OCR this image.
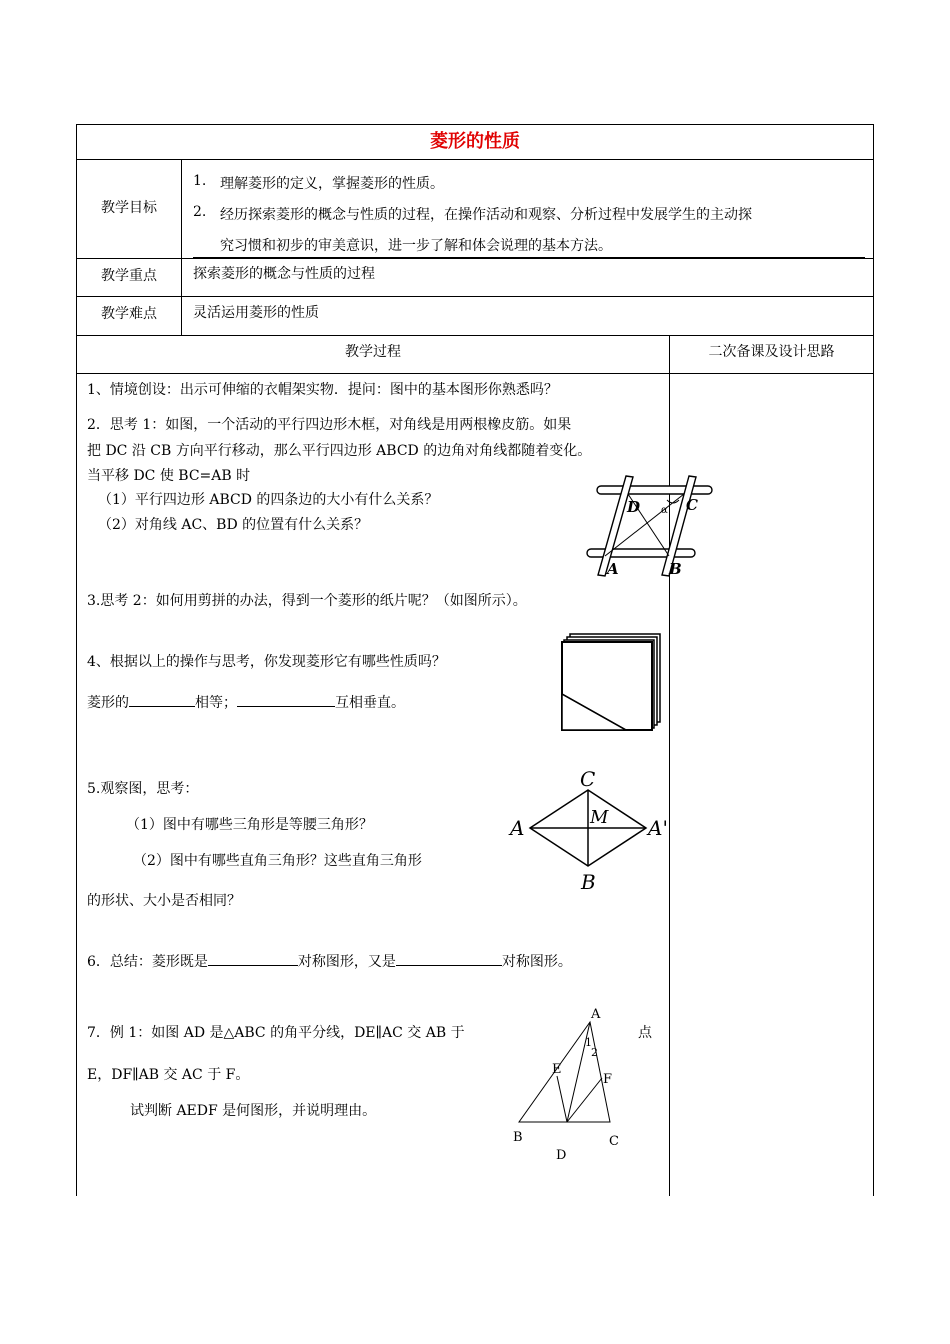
菱形的性质
教学目标
1. 理解菱形的定义，掌握菱形的性质。
2. 经历探索菱形的概念与性质的过程，在操作活动和观察、分析过程中发展学生的主动探
究习惯和初步的审美意识，进一步了解和体会说理的基本方法。
教学重点	探索菱形的概念与性质的过程
教学难点	灵活运用菱形的性质
教学过程	二次备课及设计思路
1、情境创设：出示可伸缩的衣帽架实物．提问：图中的基本图形你熟悉吗？
2．思考 1：如图，一个活动的平行四边形木框，对角线是用两根橡皮筋。如果
把 DC 沿 CB 方向平行移动，那么平行四边形 ABCD 的边角对角线都随着变化。
当平移 DC 使 BC=AB 时
（1）平行四边形 ABCD 的四条边的大小有什么关系？
（2）对角线 AC、BD 的位置有什么关系？
3.思考 2：如何用剪拼的办法，得到一个菱形的纸片呢？（如图所示）。
4、根据以上的操作与思考，你发现菱形它有哪些性质吗？
菱形的	相等；	互相垂直。
5.观察图，思考：
（1）图中有哪些三角形是等腰三角形？
（2）图中有哪些直角三角形？这些直角三角形
的形状、大小是否相同？
6．总结：菱形既是	对称图形，又是	对称图形。
7．例 1：如图 AD 是△ABC 的角平分线，DE∥AC 交 AB 于	点
E，DF∥AB 交 AC 于 F。
试判断 AEDF 是何图形，并说明理由。
D	C
α
A	B
C
A	M A'
B
A
1
2
E
F
B	C
D
